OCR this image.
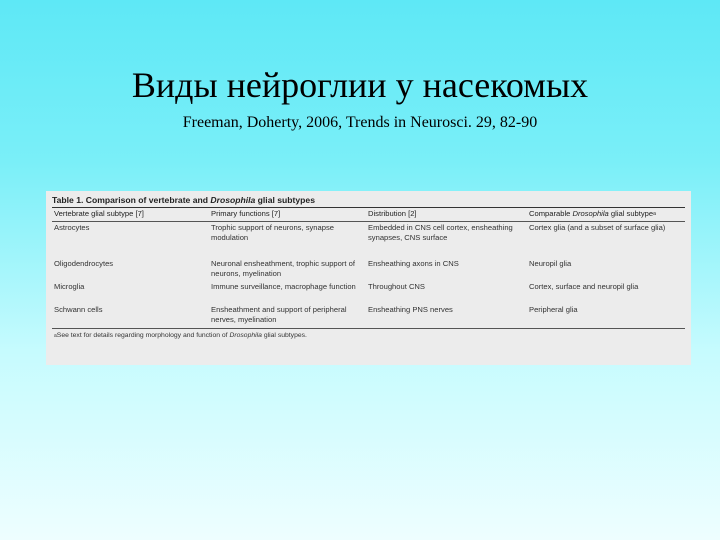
Виды нейроглии у насекомых
Freeman, Doherty, 2006, Trends in Neurosci. 29, 82-90
Table 1. Comparison of vertebrate and Drosophila glial subtypes
Vertebrate glial subtype [7]	Primary functions [7]	Distribution [2]	Comparable Drosophila glial subtype$^a$
Astrocytes	Trophic support of neurons, synapse modulation	Embedded in CNS cell cortex, ensheathing synapses, CNS surface	Cortex glia (and a subset of surface glia)
Oligodendrocytes	Neuronal ensheathment, trophic support of neurons, myelination	Ensheathing axons in CNS	Neuropil glia
Microglia	Immune surveillance, macrophage function	Throughout CNS	Cortex, surface and neuropil glia
Schwann cells	Ensheathment and support of peripheral nerves, myelination	Ensheathing PNS nerves	Peripheral glia
$^a$See text for details regarding morphology and function of Drosophila glial subtypes.
